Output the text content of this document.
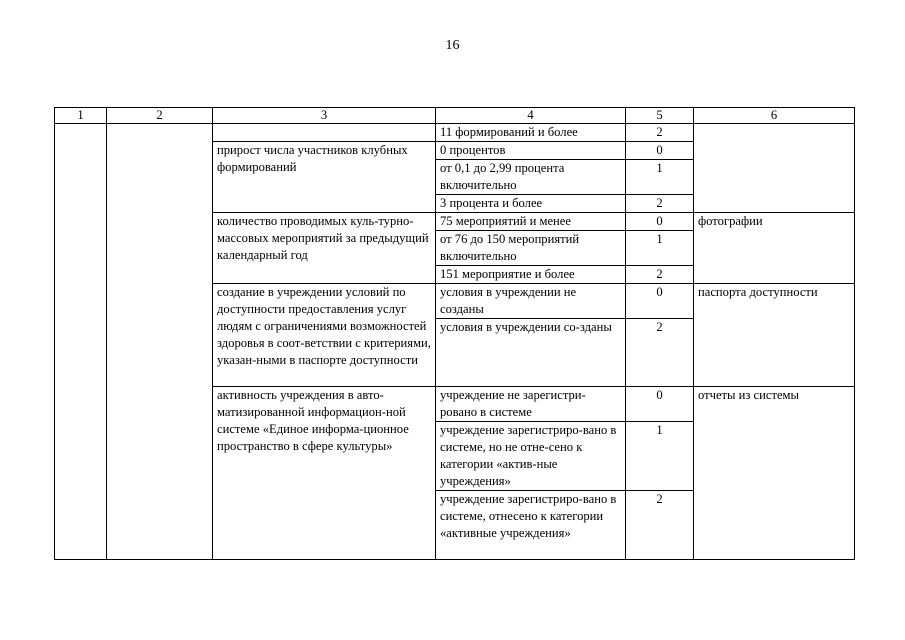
16
1	2	3	4	5	6
			11 формирований и более	2	
		прирост числа участников клубных формирований	0 процентов	0	
			от 0,1 до 2,99 процента включительно	1	
			3 процента и более	2	
		количество проводимых куль-турно-массовых мероприятий за предыдущий календарный год	75 мероприятий и менее	0	фотографии
			от 76 до 150 мероприятий включительно	1	
			151 мероприятие и более	2	
		создание в учреждении условий по доступности предоставления услуг людям с ограничениями возможностей здоровья в соот-ветствии с критериями, указан-ными в паспорте доступности	условия в учреждении не созданы	0	паспорта доступности
			условия в учреждении со-зданы	2	
		активность учреждения в авто-матизированной информацион-ной системе «Единое информа-ционное пространство в сфере культуры»	учреждение не зарегистри-ровано в системе	0	отчеты из системы
			учреждение зарегистриро-вано в системе, но не отне-сено к категории «актив-ные учреждения»	1	
			учреждение зарегистриро-вано в системе, отнесено к категории «активные учреждения»	2	
